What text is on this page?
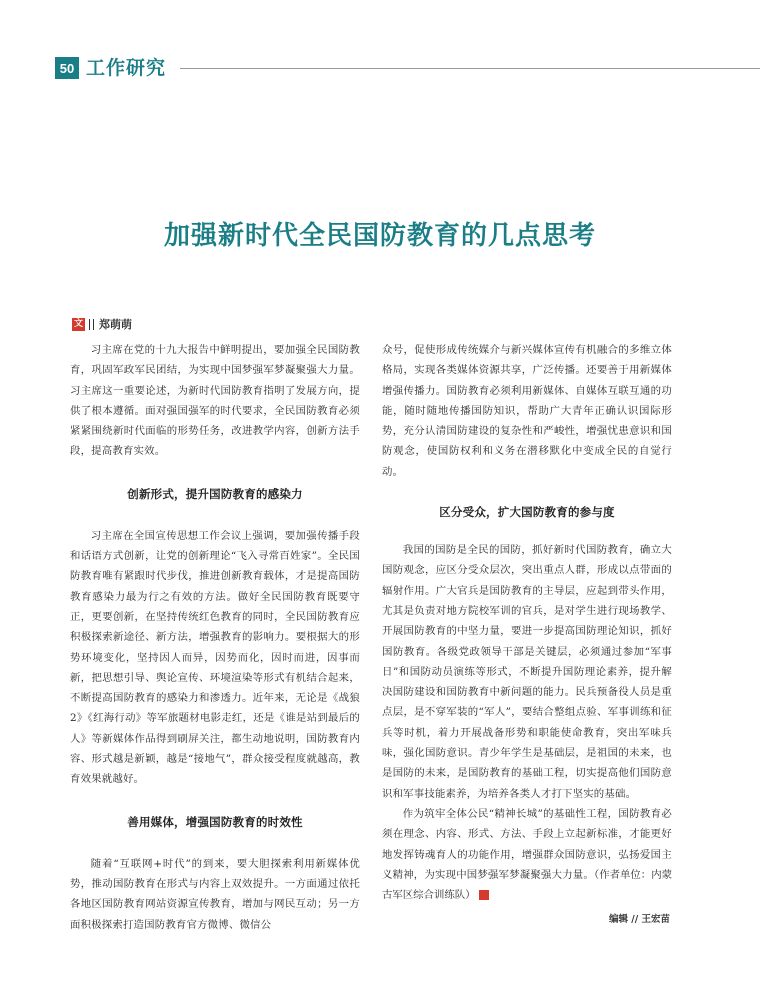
50 工作研究
加强新时代全民国防教育的几点思考
文 郑萌萌

习主席在党的十九大报告中鲜明提出，要加强全民国防教育，巩固军政军民团结，为实现中国梦强军梦凝聚强大力量。习主席这一重要论述，为新时代国防教育指明了发展方向，提供了根本遵循。面对强国强军的时代要求，全民国防教育必须紧紧围绕新时代面临的形势任务，改进教学内容，创新方法手段，提高教育实效。

创新形式，提升国防教育的感染力

习主席在全国宣传思想工作会议上强调，要加强传播手段和话语方式创新，让党的创新理论“飞入寻常百姓家”。全民国防教育唯有紧跟时代步伐，推进创新教育载体，才是提高国防教育感染力最为行之有效的方法。做好全民国防教育既要守正，更要创新，在坚持传统红色教育的同时，全民国防教育应积极探索新途径、新方法，增强教育的影响力。要根据大的形势环境变化，坚持因人而异，因势而化，因时而进，因事而新，把思想引导、舆论宣传、环境渲染等形式有机结合起来，不断提高国防教育的感染力和渗透力。近年来，无论是《战狼2》《红海行动》等军旅题材电影走红，还是《谁是站到最后的人》等新媒体作品得到刷屏关注，都生动地说明，国防教育内容、形式越是新颖，越是“接地气”，群众接受程度就越高，教育效果就越好。

善用媒体，增强国防教育的时效性

随着“互联网+时代”的到来，要大胆探索利用新媒体优势，推动国防教育在形式与内容上双效提升。一方面通过依托各地区国防教育网站资源宣传教育，增加与网民互动；另一方面积极探索打造国防教育官方微博、微信公

众号，促使形成传统媒介与新兴媒体宣传有机融合的多维立体格局，实现各类媒体资源共享，广泛传播。还要善于用新媒体增强传播力。国防教育必须利用新媒体、自媒体互联互通的功能，随时随地传播国防知识，帮助广大青年正确认识国际形势，充分认清国防建设的复杂性和严峻性，增强忧患意识和国防观念，使国防权利和义务在潜移默化中变成全民的自觉行动。

区分受众，扩大国防教育的参与度

我国的国防是全民的国防，抓好新时代国防教育，确立大国防观念，应区分受众层次，突出重点人群，形成以点带面的辐射作用。广大官兵是国防教育的主导层，应起到带头作用，尤其是负责对地方院校军训的官兵，是对学生进行现场教学、开展国防教育的中坚力量，要进一步提高国防理论知识，抓好国防教育。各级党政领导干部是关键层，必须通过参加“军事日”和国防动员演练等形式，不断提升国防理论素养，提升解决国防建设和国防教育中新问题的能力。民兵预备役人员是重点层，是不穿军装的“军人”，要结合整组点验、军事训练和征兵等时机，着力开展战备形势和职能使命教育，突出军味兵味，强化国防意识。青少年学生是基础层，是祖国的未来，也是国防的未来，是国防教育的基础工程，切实提高他们国防意识和军事技能素养，为培养各类人才打下坚实的基础。

作为筑牢全体公民“精神长城”的基础性工程，国防教育必须在理念、内容、形式、方法、手段上立起新标准，才能更好地发挥铸魂育人的功能作用，增强群众国防意识，弘扬爱国主义精神，为实现中国梦强军梦凝聚强大力量。（作者单位：内蒙古军区综合训练队）	C

编辑 // 王宏苗
